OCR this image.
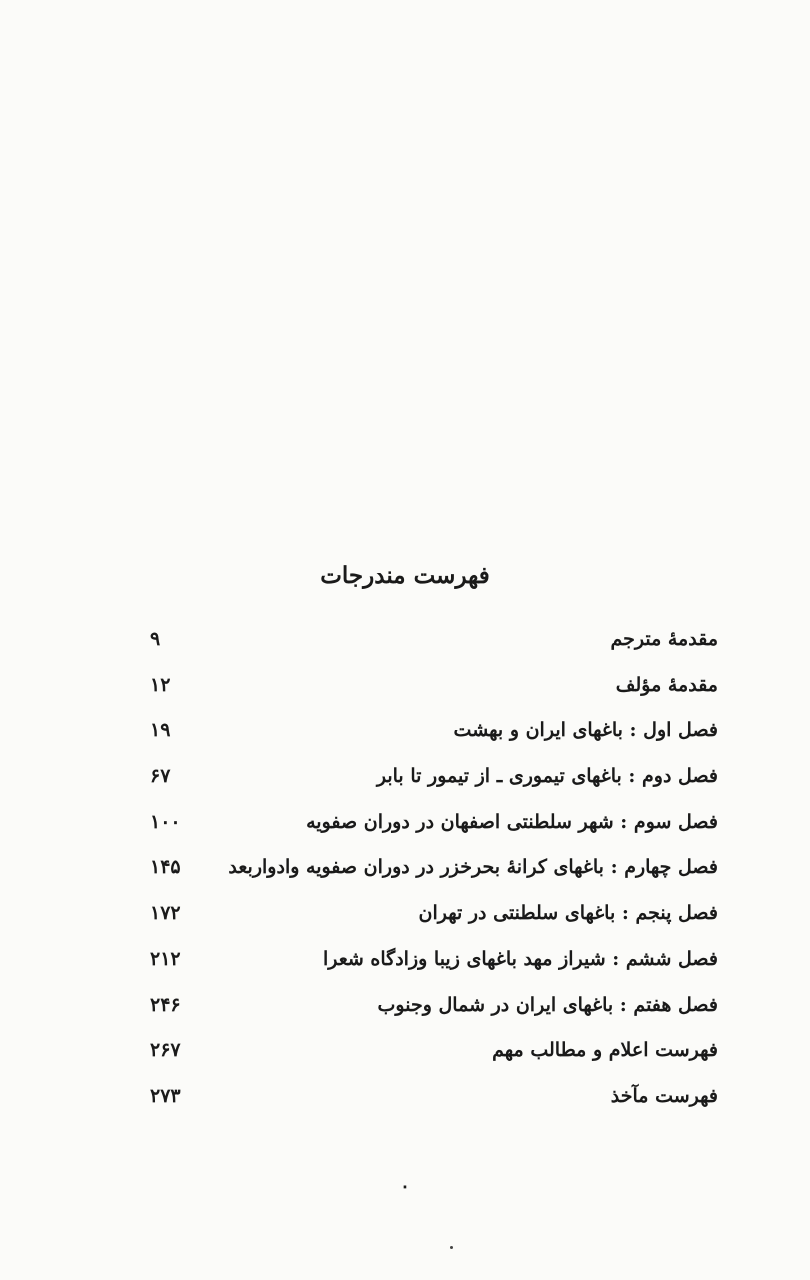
فهرست مندرجات
مقدمهٔ مترجم
۹
مقدمهٔ مؤلف
۱۲
فصل اول : باغهای ایران و بهشت
۱۹
فصل دوم : باغهای تیموری ـ از تیمور تا بابر
۶۷
فصل سوم : شهر سلطنتی اصفهان در دوران صفویه
۱۰۰
فصل چهارم : باغهای کرانهٔ بحرخزر در دوران صفویه وادواربعد
۱۴۵
فصل پنجم : باغهای سلطنتی در تهران
۱۷۲
فصل ششم : شیراز مهد باغهای زیبا وزادگاه شعرا
۲۱۲
فصل هفتم : باغهای ایران در شمال وجنوب
۲۴۶
فهرست اعلام و مطالب مهم
۲۶۷
فهرست مآخذ
۲۷۳
۰
